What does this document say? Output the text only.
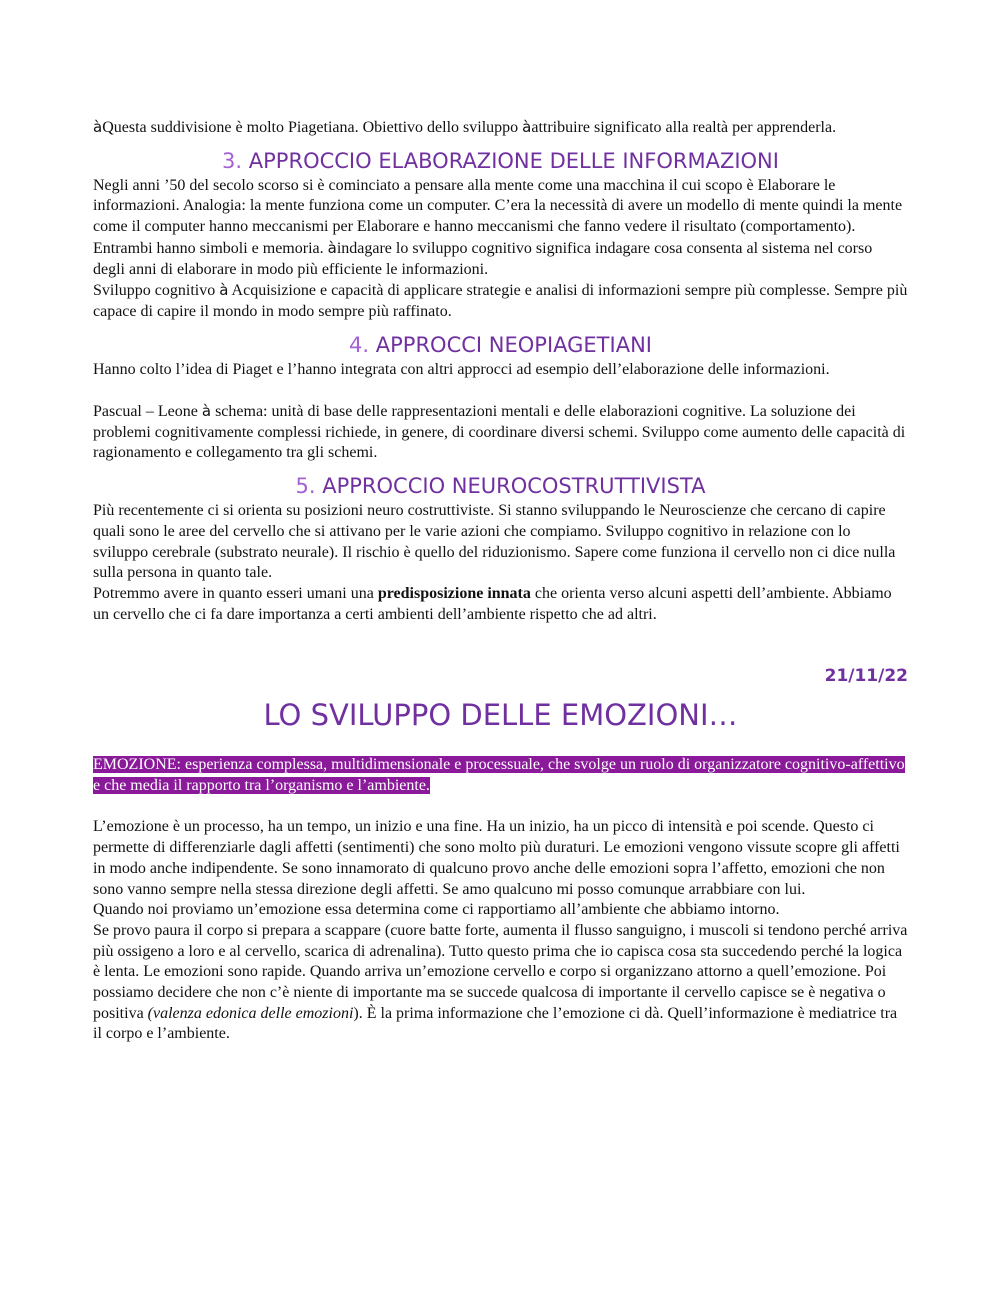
àQuesta suddivisione è molto Piagetiana. Obiettivo dello sviluppo àattribuire significato alla realtà per apprenderla.

3. APPROCCIO ELABORAZIONE DELLE INFORMAZIONI

Negli anni ’50 del secolo scorso si è cominciato a pensare alla mente come una macchina il cui scopo è Elaborare le informazioni. Analogia: la mente funziona come un computer. C’era la necessità di avere un modello di mente quindi la mente come il computer hanno meccanismi per Elaborare e hanno meccanismi che fanno vedere il risultato (comportamento). Entrambi hanno simboli e memoria. àindagare lo sviluppo cognitivo significa indagare cosa consenta al sistema nel corso degli anni di elaborare in modo più efficiente le informazioni.

Sviluppo cognitivo à Acquisizione e capacità di applicare strategie e analisi di informazioni sempre più complesse. Sempre più capace di capire il mondo in modo sempre più raffinato.

4. APPROCCI NEOPIAGETIANI

Hanno colto l’idea di Piaget e l’hanno integrata con altri approcci ad esempio dell’elaborazione delle informazioni.

Pascual – Leone à schema: unità di base delle rappresentazioni mentali e delle elaborazioni cognitive. La soluzione dei problemi cognitivamente complessi richiede, in genere, di coordinare diversi schemi. Sviluppo come aumento delle capacità di ragionamento e collegamento tra gli schemi.

5. APPROCCIO NEUROCOSTRUTTIVISTA

Più recentemente ci si orienta su posizioni neuro costruttiviste. Si stanno sviluppando le Neuroscienze che cercano di capire quali sono le aree del cervello che si attivano per le varie azioni che compiamo. Sviluppo cognitivo in relazione con lo sviluppo cerebrale (substrato neurale). Il rischio è quello del riduzionismo. Sapere come funziona il cervello non ci dice nulla sulla persona in quanto tale.

Potremmo avere in quanto esseri umani una predisposizione innata che orienta verso alcuni aspetti dell’ambiente. Abbiamo un cervello che ci fa dare importanza a certi ambienti dell’ambiente rispetto che ad altri.

21/11/22
LO SVILUPPO DELLE EMOZIONI…

EMOZIONE: esperienza complessa, multidimensionale e processuale, che svolge un ruolo di organizzatore cognitivo-affettivo e che media il rapporto tra l’organismo e l’ambiente.

L’emozione è un processo, ha un tempo, un inizio e una fine. Ha un inizio, ha un picco di intensità e poi scende. Questo ci permette di differenziarle dagli affetti (sentimenti) che sono molto più duraturi. Le emozioni vengono vissute scopre gli affetti in modo anche indipendente. Se sono innamorato di qualcuno provo anche delle emozioni sopra l’affetto, emozioni che non sono vanno sempre nella stessa direzione degli affetti. Se amo qualcuno mi posso comunque arrabbiare con lui.

Quando noi proviamo un’emozione essa determina come ci rapportiamo all’ambiente che abbiamo intorno.

Se provo paura il corpo si prepara a scappare (cuore batte forte, aumenta il flusso sanguigno, i muscoli si tendono perché arriva più ossigeno a loro e al cervello, scarica di adrenalina). Tutto questo prima che io capisca cosa sta succedendo perché la logica è lenta. Le emozioni sono rapide. Quando arriva un’emozione cervello e corpo si organizzano attorno a quell’emozione. Poi possiamo decidere che non c’è niente di importante ma se succede qualcosa di importante il cervello capisce se è negativa o positiva (valenza edonica delle emozioni). È la prima informazione che l’emozione ci dà. Quell’informazione è mediatrice tra il corpo e l’ambiente.
